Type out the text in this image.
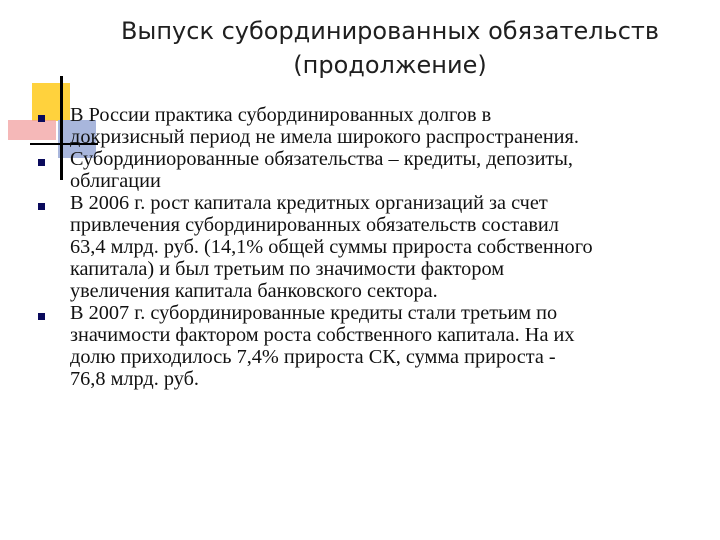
Выпуск субординированных обязательств
(продолжение)
В России практика субординированных долгов в
докризисный период не имела широкого распространения.
Субординиорованные обязательства – кредиты, депозиты,
облигации
В 2006 г. рост капитала кредитных организаций за счет
привлечения субординированных обязательств составил
63,4 млрд. руб. (14,1% общей суммы прироста собственного
капитала) и был третьим по значимости фактором
увеличения капитала банковского сектора.
В 2007 г. субординированные кредиты стали третьим по
значимости фактором роста собственного капитала. На их
долю приходилось 7,4% прироста СК, сумма прироста -
76,8 млрд. руб.
